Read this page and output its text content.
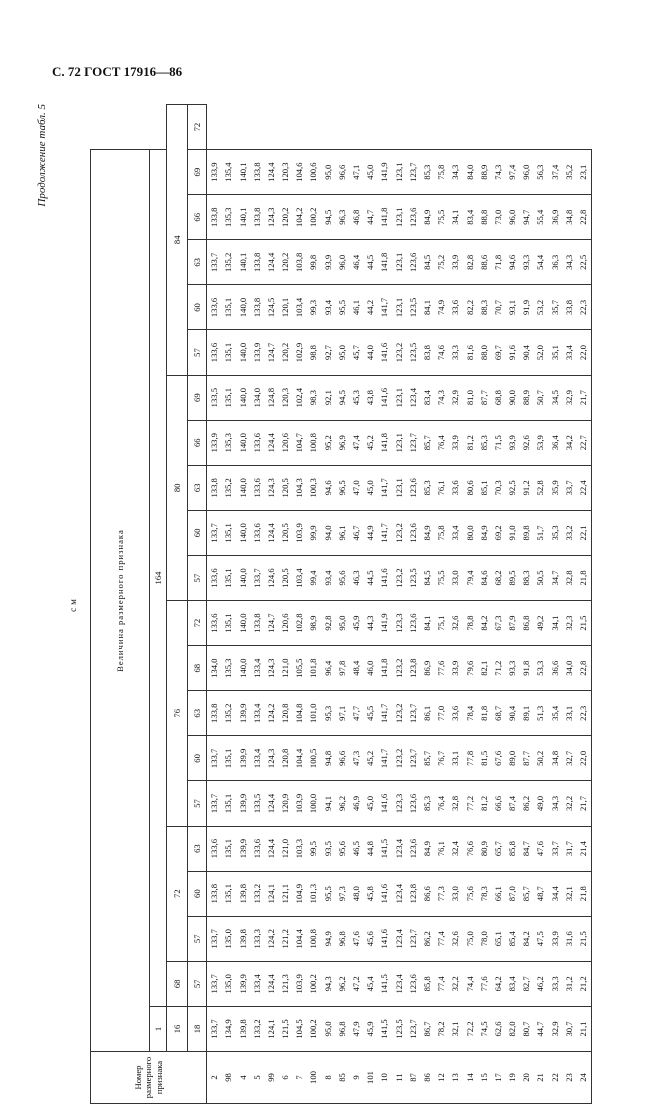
С. 72 ГОСТ 17916—86
Продолжение табл. 5
см
Номер размерного признака	Величина размерного признака																				
	1	164																			
	16	68	72			76					80					84					
	18	57	57	60	63	57	60	63	68	72	57	60	63	66	69	57	60	63	66	69	72
2	133,7	133,7	133,7	133,8	133,6	133,7	133,7	133,8	134,0	133,6	133,6	133,7	133,8	133,9	133,5	133,6	133,6	133,7	133,8	133,9	
98	134,9	135,0	135,0	135,1	135,1	135,1	135,1	135,2	135,3	135,1	135,1	135,1	135,2	135,3	135,1	135,1	135,1	135,2	135,3	135,4	
4	139,8	139,9	139,8	139,8	139,9	139,9	139,9	139,9	140,0	140,0	140,0	140,0	140,0	140,0	140,0	140,0	140,0	140,1	140,1	140,1	
5	133,2	133,4	133,3	133,2	133,6	133,5	133,4	133,4	133,4	133,8	133,7	133,6	133,6	133,6	134,0	133,9	133,8	133,8	133,8	133,8	
99	124,1	124,4	124,2	124,1	124,4	124,4	124,3	124,2	124,3	124,7	124,6	124,4	124,3	124,4	124,8	124,7	124,5	124,4	124,3	124,4	
6	121,5	121,3	121,2	121,1	121,0	120,9	120,8	120,8	121,0	120,6	120,5	120,5	120,5	120,6	120,3	120,2	120,1	120,2	120,2	120,3	
7	104,5	103,9	104,4	104,9	103,3	103,9	104,4	104,8	105,5	102,8	103,4	103,9	104,3	104,7	102,4	102,9	103,4	103,8	104,2	104,6	
100	100,2	100,2	100,8	101,3	99,5	100,0	100,5	101,0	101,8	98,9	99,4	99,9	100,3	100,8	98,3	98,8	99,3	99,8	100,2	100,6	
8	95,0	94,3	94,9	95,5	93,5	94,1	94,8	95,3	96,4	92,8	93,4	94,0	94,6	95,2	92,1	92,7	93,4	93,9	94,5	95,0	
85	96,8	96,2	96,8	97,3	95,6	96,2	96,6	97,1	97,8	95,0	95,6	96,1	96,5	96,9	94,5	95,0	95,5	96,0	96,3	96,6	
9	47,9	47,2	47,6	48,0	46,5	46,9	47,3	47,7	48,4	45,9	46,3	46,7	47,0	47,4	45,3	45,7	46,1	46,4	46,8	47,1	
101	45,9	45,4	45,6	45,8	44,8	45,0	45,2	45,5	46,0	44,3	44,5	44,9	45,0	45,2	43,8	44,0	44,2	44,5	44,7	45,0	
10	141,5	141,5	141,6	141,6	141,5	141,6	141,7	141,7	141,8	141,9	141,6	141,7	141,7	141,8	141,6	141,6	141,7	141,8	141,8	141,9	
11	123,5	123,4	123,4	123,4	123,4	123,3	123,2	123,2	123,2	123,3	123,2	123,2	123,1	123,1	123,1	123,2	123,1	123,1	123,1	123,1	
87	123,7	123,6	123,7	123,8	123,6	123,6	123,7	123,7	123,8	123,6	123,5	123,6	123,6	123,7	123,4	123,5	123,5	123,6	123,6	123,7	
86	86,7	85,8	86,2	86,6	84,9	85,3	85,7	86,1	86,9	84,1	84,5	84,9	85,3	85,7	83,4	83,8	84,1	84,5	84,9	85,3	
12	78,2	77,4	77,4	77,3	76,1	76,4	76,7	77,0	77,6	75,1	75,5	75,8	76,1	76,4	74,3	74,6	74,9	75,2	75,5	75,8	
13	32,1	32,2	32,6	33,0	32,4	32,8	33,1	33,6	33,9	32,6	33,0	33,4	33,6	33,9	32,9	33,3	33,6	33,9	34,1	34,3	
14	72,2	74,4	75,0	75,6	76,6	77,2	77,8	78,4	79,6	78,8	79,4	80,0	80,6	81,2	81,0	81,6	82,2	82,8	83,4	84,0	
15	74,5	77,6	78,0	78,3	80,9	81,2	81,5	81,8	82,1	84,2	84,6	84,9	85,1	85,3	87,7	88,0	88,3	88,6	88,8	88,9	
17	62,6	64,2	65,1	66,1	65,7	66,6	67,6	68,7	71,2	67,3	68,2	69,2	70,3	71,5	68,8	69,7	70,7	71,8	73,0	74,3	
19	82,0	83,4	85,4	87,0	85,8	87,4	89,0	90,4	93,3	87,9	89,5	91,0	92,5	93,9	90,0	91,6	93,1	94,6	96,0	97,4	
20	80,7	82,7	84,2	85,7	84,7	86,2	87,7	89,1	91,8	86,8	88,3	89,8	91,2	92,6	88,9	90,4	91,9	93,3	94,7	96,0	
21	44,7	46,2	47,5	48,7	47,6	49,0	50,2	51,3	53,3	49,2	50,5	51,7	52,8	53,9	50,7	52,0	53,2	54,4	55,4	56,3	
22	32,9	33,3	33,9	34,4	33,7	34,3	34,8	35,4	36,6	34,1	34,7	35,3	35,9	36,4	34,5	35,1	35,7	36,3	36,9	37,4	
23	30,7	31,2	31,6	32,1	31,7	32,2	32,7	33,1	34,0	32,3	32,8	33,2	33,7	34,2	32,9	33,4	33,8	34,3	34,8	35,2	
24	21,1	21,2	21,5	21,8	21,4	21,7	22,0	22,3	22,8	21,5	21,8	22,1	22,4	22,7	21,7	22,0	22,3	22,5	22,8	23,1	
